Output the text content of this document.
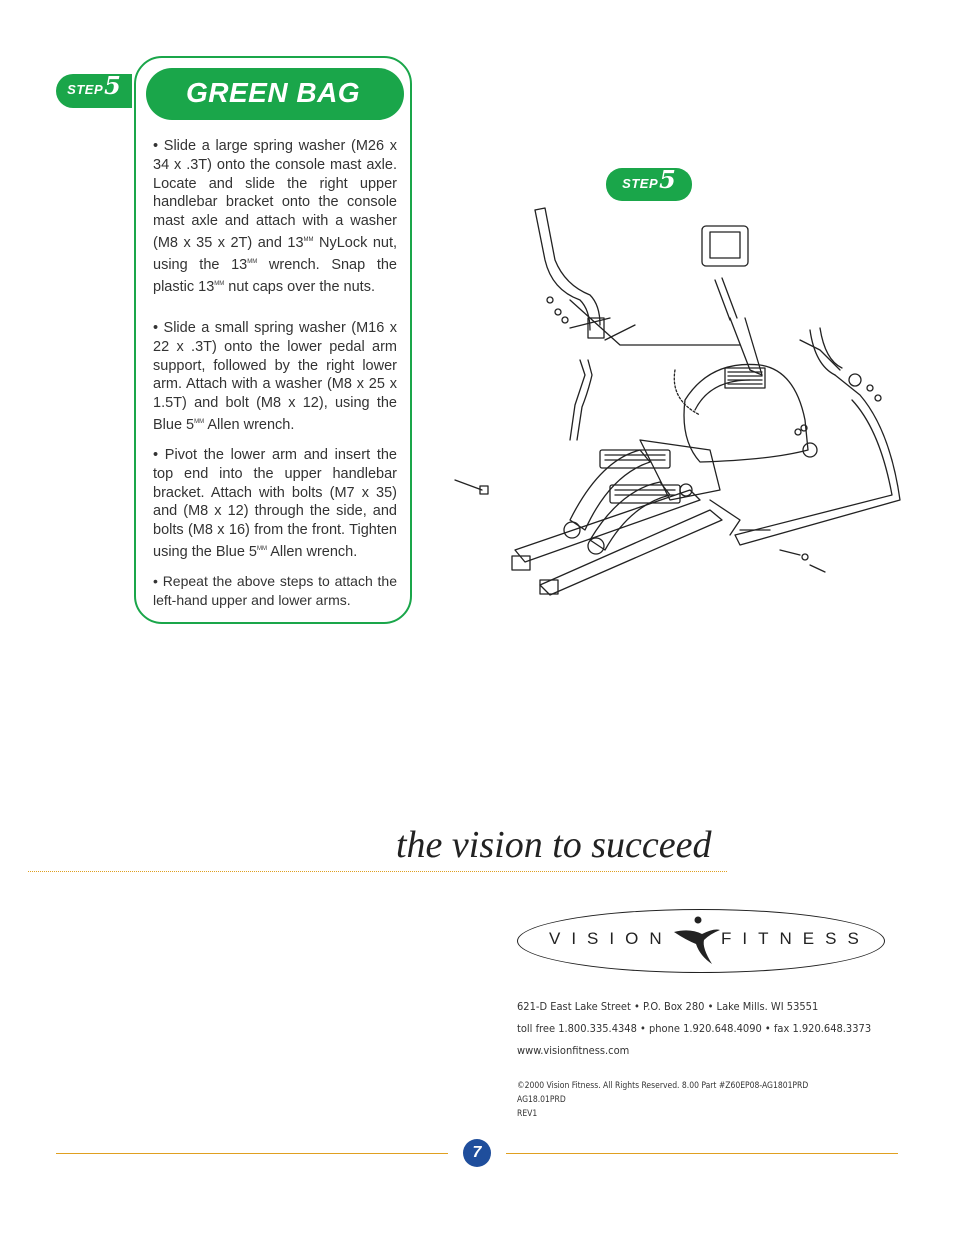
STEP 5 GREEN BAG

• Slide a large spring washer (M26 x 34 x .3T) onto the console mast axle. Locate and slide the right upper handlebar bracket onto the console mast axle and attach with a washer (M8 x 35 x 2T) and $13^{MM}$ NyLock nut, using the $13^{MM}$ wrench. Snap the plastic $13^{MM}$ nut caps over the nuts.

• Slide a small spring washer (M16 x 22 x .3T) onto the lower pedal arm support, followed by the right lower arm. Attach with a washer (M8 x 25 x 1.5T) and bolt (M8 x 12), using the Blue $5^{MM}$ Allen wrench.

• Pivot the lower arm and insert the top end into the upper handlebar bracket. Attach with bolts (M7 x 35) and (M8 x 12) through the side, and bolts (M8 x 16) from the front. Tighten using the Blue $5^{MM}$ Allen wrench.

• Repeat the above steps to attach the left-hand upper and lower arms.

STEP 5
the vision to succeed
VISION	FITNESS
621-D East Lake Street • P.O. Box 280 • Lake Mills. WI 53551
toll free 1.800.335.4348 • phone 1.920.648.4090 • fax 1.920.648.3373
www.visionfitness.com
©2000 Vision Fitness. All Rights Reserved. 8.00 Part #Z60EP08-AG1801PRD
AG18.01PRD
REV1
7
